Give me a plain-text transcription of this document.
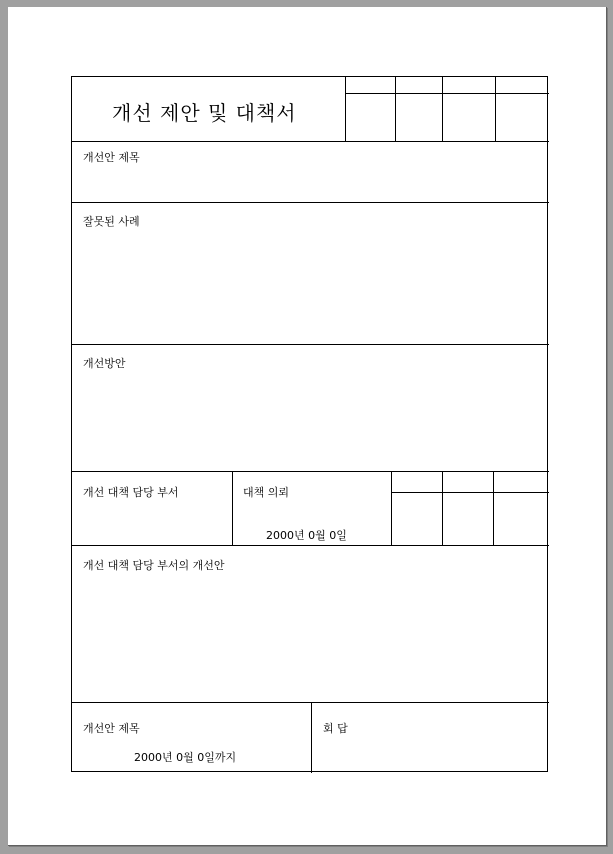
개선 제안 및 대책서
개선안 제목
잘못된 사례
개선방안
개선 대책 담당 부서	대책 의뢰
2000년 0월 0일
개선 대책 담당 부서의 개선안
개선안 제목
2000년 0월 0일까지
회 답
